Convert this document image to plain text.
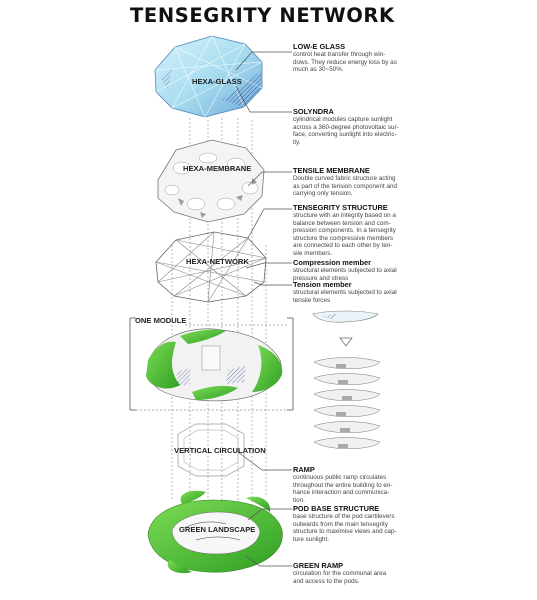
TENSEGRITY NETWORK
HEXA-GLASS
HEXA-MEMBRANE
HEXA-NETWORK
ONE MODULE
VERTICAL CIRCULATION
GREEN LANDSCAPE
LOW-E GLASS
control heat transfer through win-
dows. They reduce energy loss by as
much as 30~50%.
SOLYNDRA
cylindrical modules capture sunlight
across a 360-degree photovoltaic sur-
face, converting sunlight into electric-
ity.
TENSILE MEMBRANE
Double curved fabric structure acting
as part of the tension component and
carrying only tension.
TENSEGRITY STRUCTURE
structure with an integrity based on a
balance between tension and com-
pression components. In a tensegrity
structure the compressive members
are connected to each other by ten-
sile members.
Compression member
structural elements subjected to axial
pressure and stress
Tension member
structural elements subjected to axial
tensile forces
RAMP
continuous public ramp circulates
throughout the entire building to en-
hance interaction and communica-
tion.
POD BASE STRUCTURE
base structure of the pod cantilevers
outwards from the main tensegrity
structure to maximise views and cap-
ture sunlight.
GREEN RAMP
circulation for the communal area
and access to the pods.
